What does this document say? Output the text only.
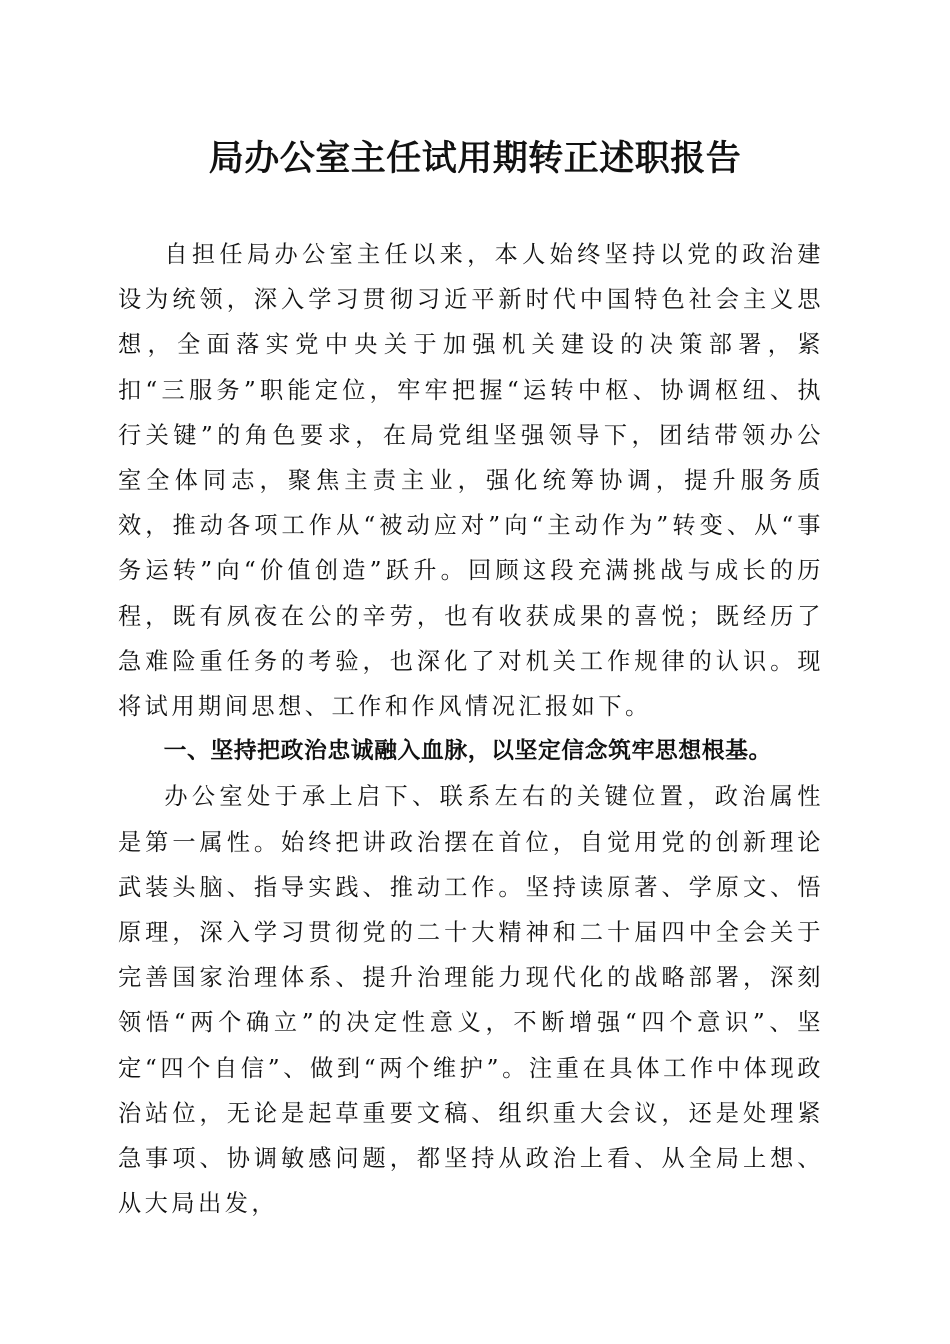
局办公室主任试用期转正述职报告

自担任局办公室主任以来，本人始终坚持以党的政治建设为统领，深入学习贯彻习近平新时代中国特色社会主义思想，全面落实党中央关于加强机关建设的决策部署，紧扣“三服务”职能定位，牢牢把握“运转中枢、协调枢纽、执行关键”的角色要求，在局党组坚强领导下，团结带领办公室全体同志，聚焦主责主业，强化统筹协调，提升服务质效，推动各项工作从“被动应对”向“主动作为”转变、从“事务运转”向“价值创造”跃升。回顾这段充满挑战与成长的历程，既有夙夜在公的辛劳，也有收获成果的喜悦；既经历了急难险重任务的考验，也深化了对机关工作规律的认识。现将试用期间思想、工作和作风情况汇报如下。

一、坚持把政治忠诚融入血脉，以坚定信念筑牢思想根基。

办公室处于承上启下、联系左右的关键位置，政治属性是第一属性。始终把讲政治摆在首位，自觉用党的创新理论武装头脑、指导实践、推动工作。坚持读原著、学原文、悟原理，深入学习贯彻党的二十大精神和二十届四中全会关于完善国家治理体系、提升治理能力现代化的战略部署，深刻领悟“两个确立”的决定性意义，不断增强“四个意识”、坚定“四个自信”、做到“两个维护”。注重在具体工作中体现政治站位，无论是起草重要文稿、组织重大会议，还是处理紧急事项、协调敏感问题，都坚持从政治上看、从全局上想、从大局出发，
